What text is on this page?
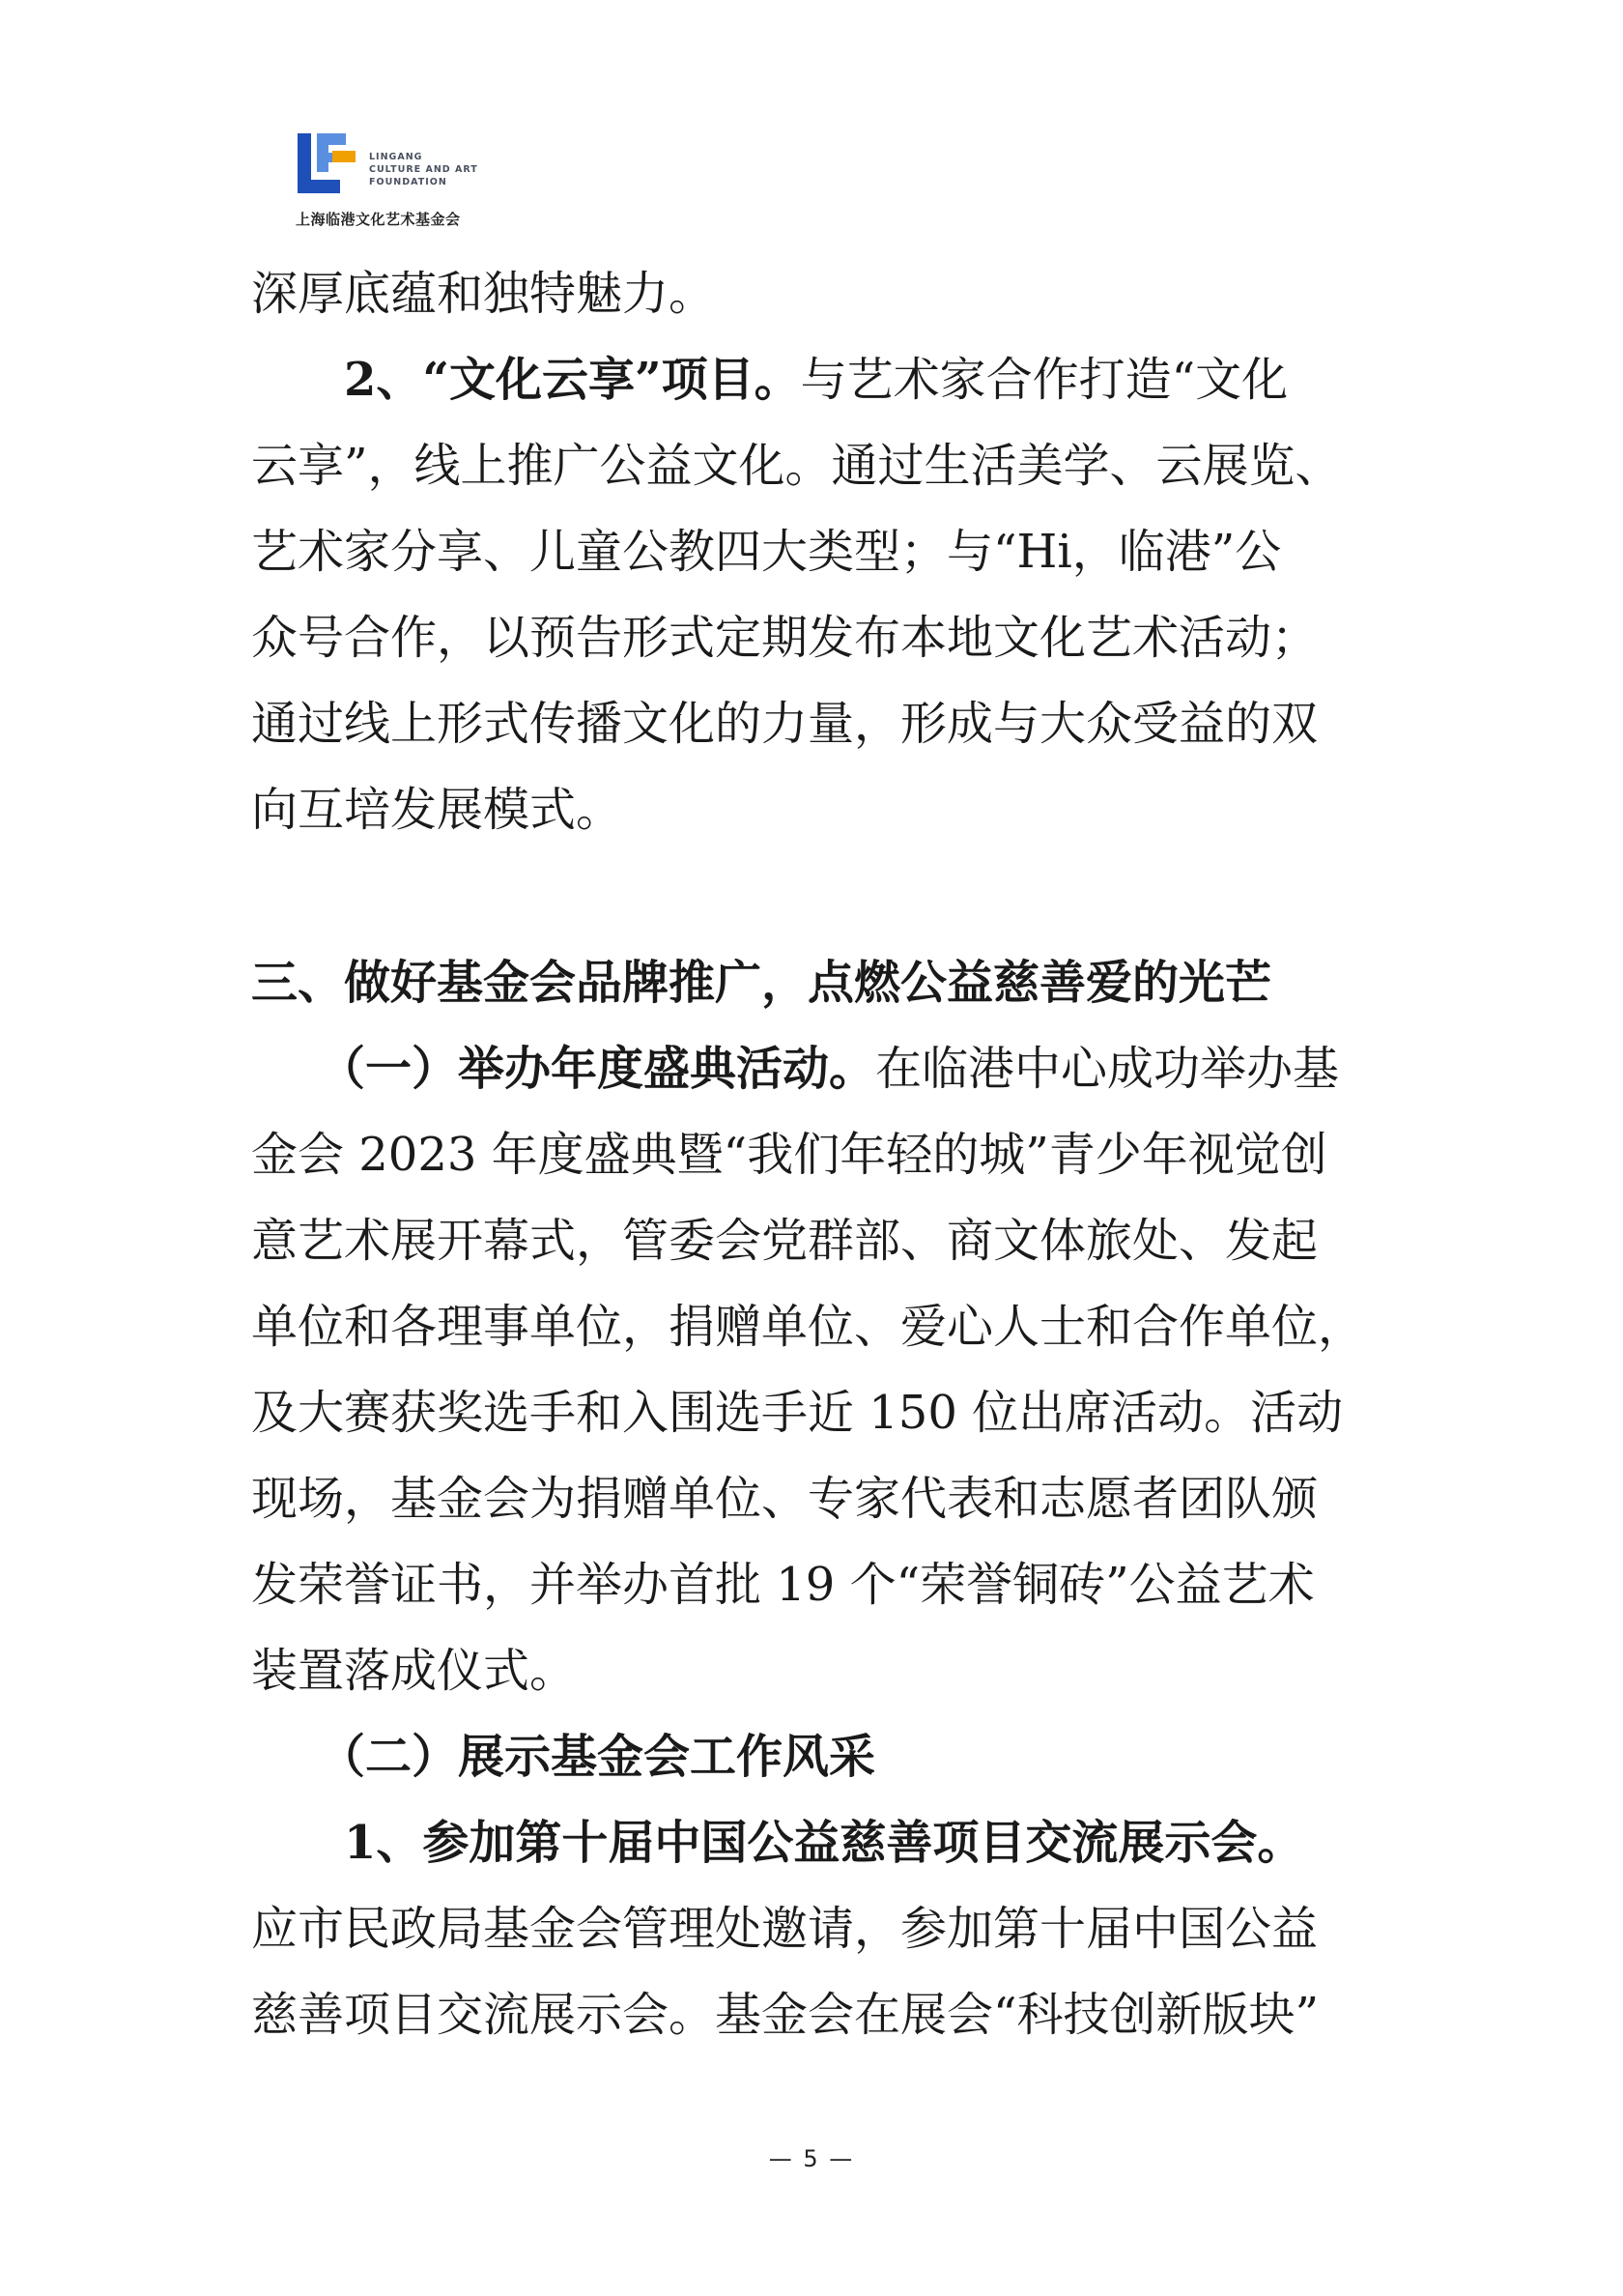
LINGANG
CULTURE AND ART
FOUNDATION
上海临港文化艺术基金会
深厚底蕴和独特魅力。
2、“文化云享”项目。与艺术家合作打造“文化
云享”，线上推广公益文化。通过生活美学、云展览、
艺术家分享、儿童公教四大类型；与“Hi，临港”公
众号合作，以预告形式定期发布本地文化艺术活动；
通过线上形式传播文化的力量，形成与大众受益的双
向互培发展模式。
三、做好基金会品牌推广，点燃公益慈善爱的光芒
（一）举办年度盛典活动。在临港中心成功举办基
金会 2023 年度盛典暨“我们年轻的城”青少年视觉创
意艺术展开幕式，管委会党群部、商文体旅处、发起
单位和各理事单位，捐赠单位、爱心人士和合作单位，
及大赛获奖选手和入围选手近 150 位出席活动。活动
现场，基金会为捐赠单位、专家代表和志愿者团队颁
发荣誉证书，并举办首批 19 个“荣誉铜砖”公益艺术
装置落成仪式。
（二）展示基金会工作风采
1、参加第十届中国公益慈善项目交流展示会。
应市民政局基金会管理处邀请，参加第十届中国公益
慈善项目交流展示会。基金会在展会“科技创新版块”
— 5 —
